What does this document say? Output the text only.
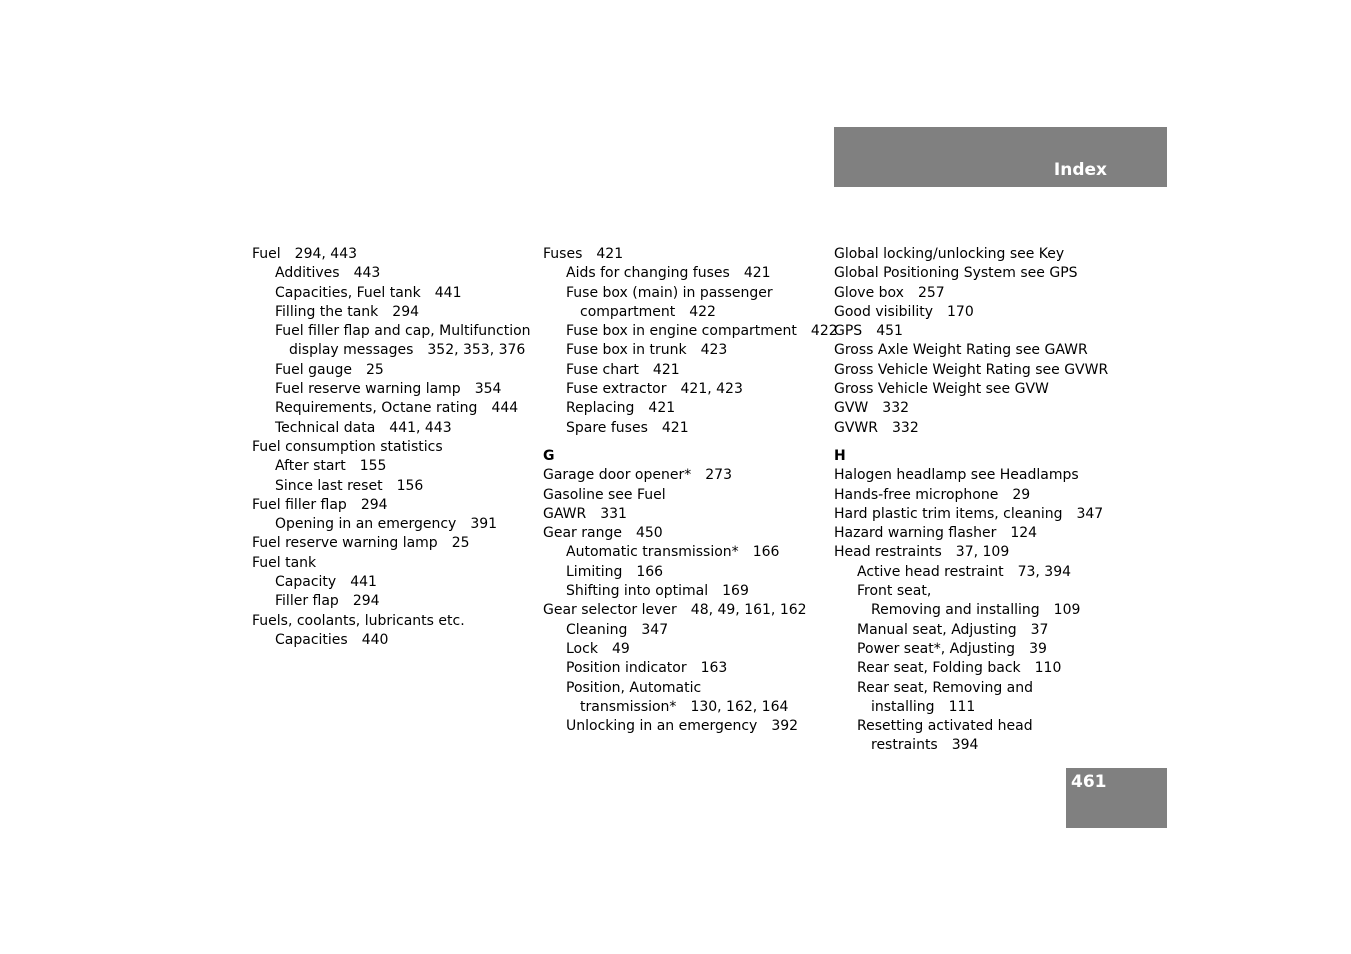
Index
Fuel 294, 443
Additives 443
Capacities, Fuel tank 441
Filling the tank 294
Fuel filler flap and cap, Multifunction
display messages 352, 353, 376
Fuel gauge 25
Fuel reserve warning lamp 354
Requirements, Octane rating 444
Technical data 441, 443
Fuel consumption statistics
After start 155
Since last reset 156
Fuel filler flap 294
Opening in an emergency 391
Fuel reserve warning lamp 25
Fuel tank
Capacity 441
Filler flap 294
Fuels, coolants, lubricants etc.
Capacities 440
Fuses 421
Aids for changing fuses 421
Fuse box (main) in passenger
compartment 422
Fuse box in engine compartment 422
Fuse box in trunk 423
Fuse chart 421
Fuse extractor 421, 423
Replacing 421
Spare fuses 421
G
Garage door opener* 273
Gasoline see Fuel
GAWR 331
Gear range 450
Automatic transmission* 166
Limiting 166
Shifting into optimal 169
Gear selector lever 48, 49, 161, 162
Cleaning 347
Lock 49
Position indicator 163
Position, Automatic
transmission* 130, 162, 164
Unlocking in an emergency 392
Global locking/unlocking see Key
Global Positioning System see GPS
Glove box 257
Good visibility 170
GPS 451
Gross Axle Weight Rating see GAWR
Gross Vehicle Weight Rating see GVWR
Gross Vehicle Weight see GVW
GVW 332
GVWR 332
H
Halogen headlamp see Headlamps
Hands-free microphone 29
Hard plastic trim items, cleaning 347
Hazard warning flasher 124
Head restraints 37, 109
Active head restraint 73, 394
Front seat,
Removing and installing 109
Manual seat, Adjusting 37
Power seat*, Adjusting 39
Rear seat, Folding back 110
Rear seat, Removing and
installing 111
Resetting activated head
restraints 394
461
